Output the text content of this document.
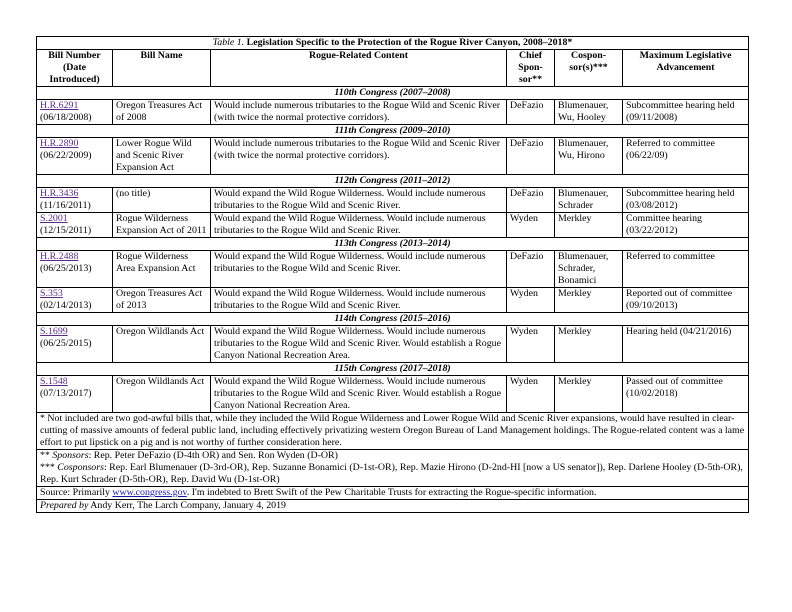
Table 1. Legislation Specific to the Protection of the Rogue River Canyon, 2008–2018*					
Bill Number
(Date
Introduced)	Bill Name	Rogue-Related Content	Chief
Spon-
sor**	Cospon-
sor(s)***	Maximum Legislative
Advancement
110th Congress (2007–2008)					
H.R.6291
(06/18/2008)	Oregon Treasures Act of 2008	Would include numerous tributaries to the Rogue Wild and Scenic River (with twice the normal protective corridors).	DeFazio	Blumenauer, Wu, Hooley	Subcommittee hearing held (09/11/2008)
111th Congress (2009–2010)					
H.R.2890
(06/22/2009)	Lower Rogue Wild and Scenic River Expansion Act	Would include numerous tributaries to the Rogue Wild and Scenic River (with twice the normal protective corridors).	DeFazio	Blumenauer, Wu, Hirono	Referred to committee (06/22/09)
112th Congress (2011–2012)					
H.R.3436
(11/16/2011)	(no title)	Would expand the Wild Rogue Wilderness. Would include numerous tributaries to the Rogue Wild and Scenic River.	DeFazio	Blumenauer, Schrader	Subcommittee hearing held (03/08/2012)
S.2001
(12/15/2011)	Rogue Wilderness Expansion Act of 2011	Would expand the Wild Rogue Wilderness. Would include numerous tributaries to the Rogue Wild and Scenic River.	Wyden	Merkley	Committee hearing (03/22/2012)
113th Congress (2013–2014)					
H.R.2488
(06/25/2013)	Rogue Wilderness Area Expansion Act	Would expand the Wild Rogue Wilderness. Would include numerous tributaries to the Rogue Wild and Scenic River.	DeFazio	Blumenauer, Schrader, Bonamici	Referred to committee
S.353
(02/14/2013)	Oregon Treasures Act of 2013	Would expand the Wild Rogue Wilderness. Would include numerous tributaries to the Rogue Wild and Scenic River.	Wyden	Merkley	Reported out of committee (09/10/2013)
114th Congress (2015–2016)					
S.1699
(06/25/2015)	Oregon Wildlands Act	Would expand the Wild Rogue Wilderness. Would include numerous tributaries to the Rogue Wild and Scenic River. Would establish a Rogue Canyon National Recreation Area.	Wyden	Merkley	Hearing held (04/21/2016)
115th Congress (2017–2018)					
S.1548
(07/13/2017)	Oregon Wildlands Act	Would expand the Wild Rogue Wilderness. Would include numerous tributaries to the Rogue Wild and Scenic River. Would establish a Rogue Canyon National Recreation Area.	Wyden	Merkley	Passed out of committee (10/02/2018)
* Not included are two god-awful bills that, while they included the Wild Rogue Wilderness and Lower Rogue Wild and Scenic River expansions, would have resulted in clear-cutting of massive amounts of federal public land, including effectively privatizing western Oregon Bureau of Land Management holdings. The Rogue-related content was a lame effort to put lipstick on a pig and is not worthy of further consideration here.					
** Sponsors: Rep. Peter DeFazio (D-4th OR) and Sen. Ron Wyden (D-OR)
*** Cosponsors: Rep. Earl Blumenauer (D-3rd-OR), Rep. Suzanne Bonamici (D-1st-OR), Rep. Mazie Hirono (D-2nd-HI [now a US senator]), Rep. Darlene Hooley (D-5th-OR), Rep. Kurt Schrader (D-5th-OR), Rep. David Wu (D-1st-OR)					
Source: Primarily www.congress.gov. I'm indebted to Brett Swift of the Pew Charitable Trusts for extracting the Rogue-specific information.					
Prepared by Andy Kerr, The Larch Company, January 4, 2019					
